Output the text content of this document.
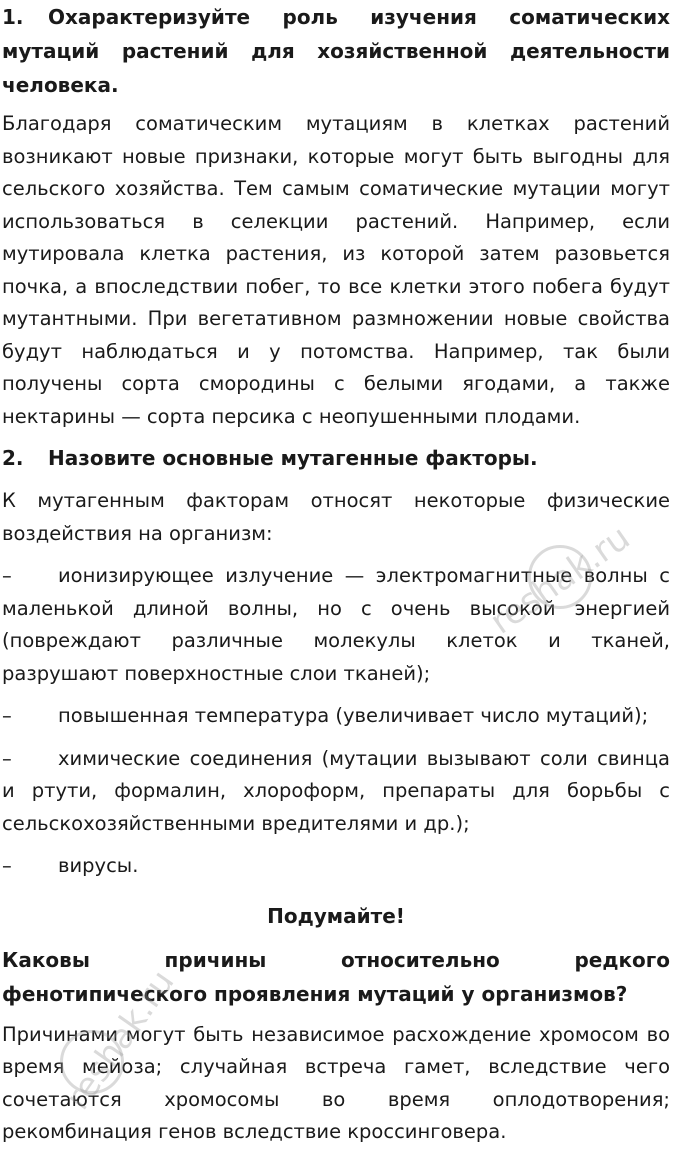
1. Охарактеризуйте роль изучения соматических мутаций растений для хозяйственной деятельности человека.

Благодаря соматическим мутациям в клетках растений возникают новые признаки, которые могут быть выгодны для сельского хозяйства. Тем самым соматические мутации могут использоваться в селекции растений. Например, если мутировала клетка растения, из которой затем разовьется почка, а впоследствии побег, то все клетки этого побега будут мутантными. При вегетативном размножении новые свойства будут наблюдаться и у потомства. Например, так были получены сорта смородины с белыми ягодами, а также нектарины — сорта персика с неопушенными плодами.

2. Назовите основные мутагенные факторы.

К мутагенным факторам относят некоторые физические воздействия на организм:

– ионизирующее излучение — электромагнитные волны с маленькой длиной волны, но с очень высокой энергией (повреждают различные молекулы клеток и тканей, разрушают поверхностные слои тканей);

– повышенная температура (увеличивает число мутаций);

– химические соединения (мутации вызывают соли свинца и ртути, формалин, хлороформ, препараты для борьбы с сельскохозяйственными вредителями и др.);

– вирусы.

Подумайте!

Каковы причины относительно редкого фенотипического проявления мутаций у организмов?

Причинами могут быть независимое расхождение хромосом во время мейоза; случайная встреча гамет, вследствие чего сочетаются хромосомы во время оплодотворения; рекомбинация генов вследствие кроссинговера.

reshak.ru
reshak.ru
